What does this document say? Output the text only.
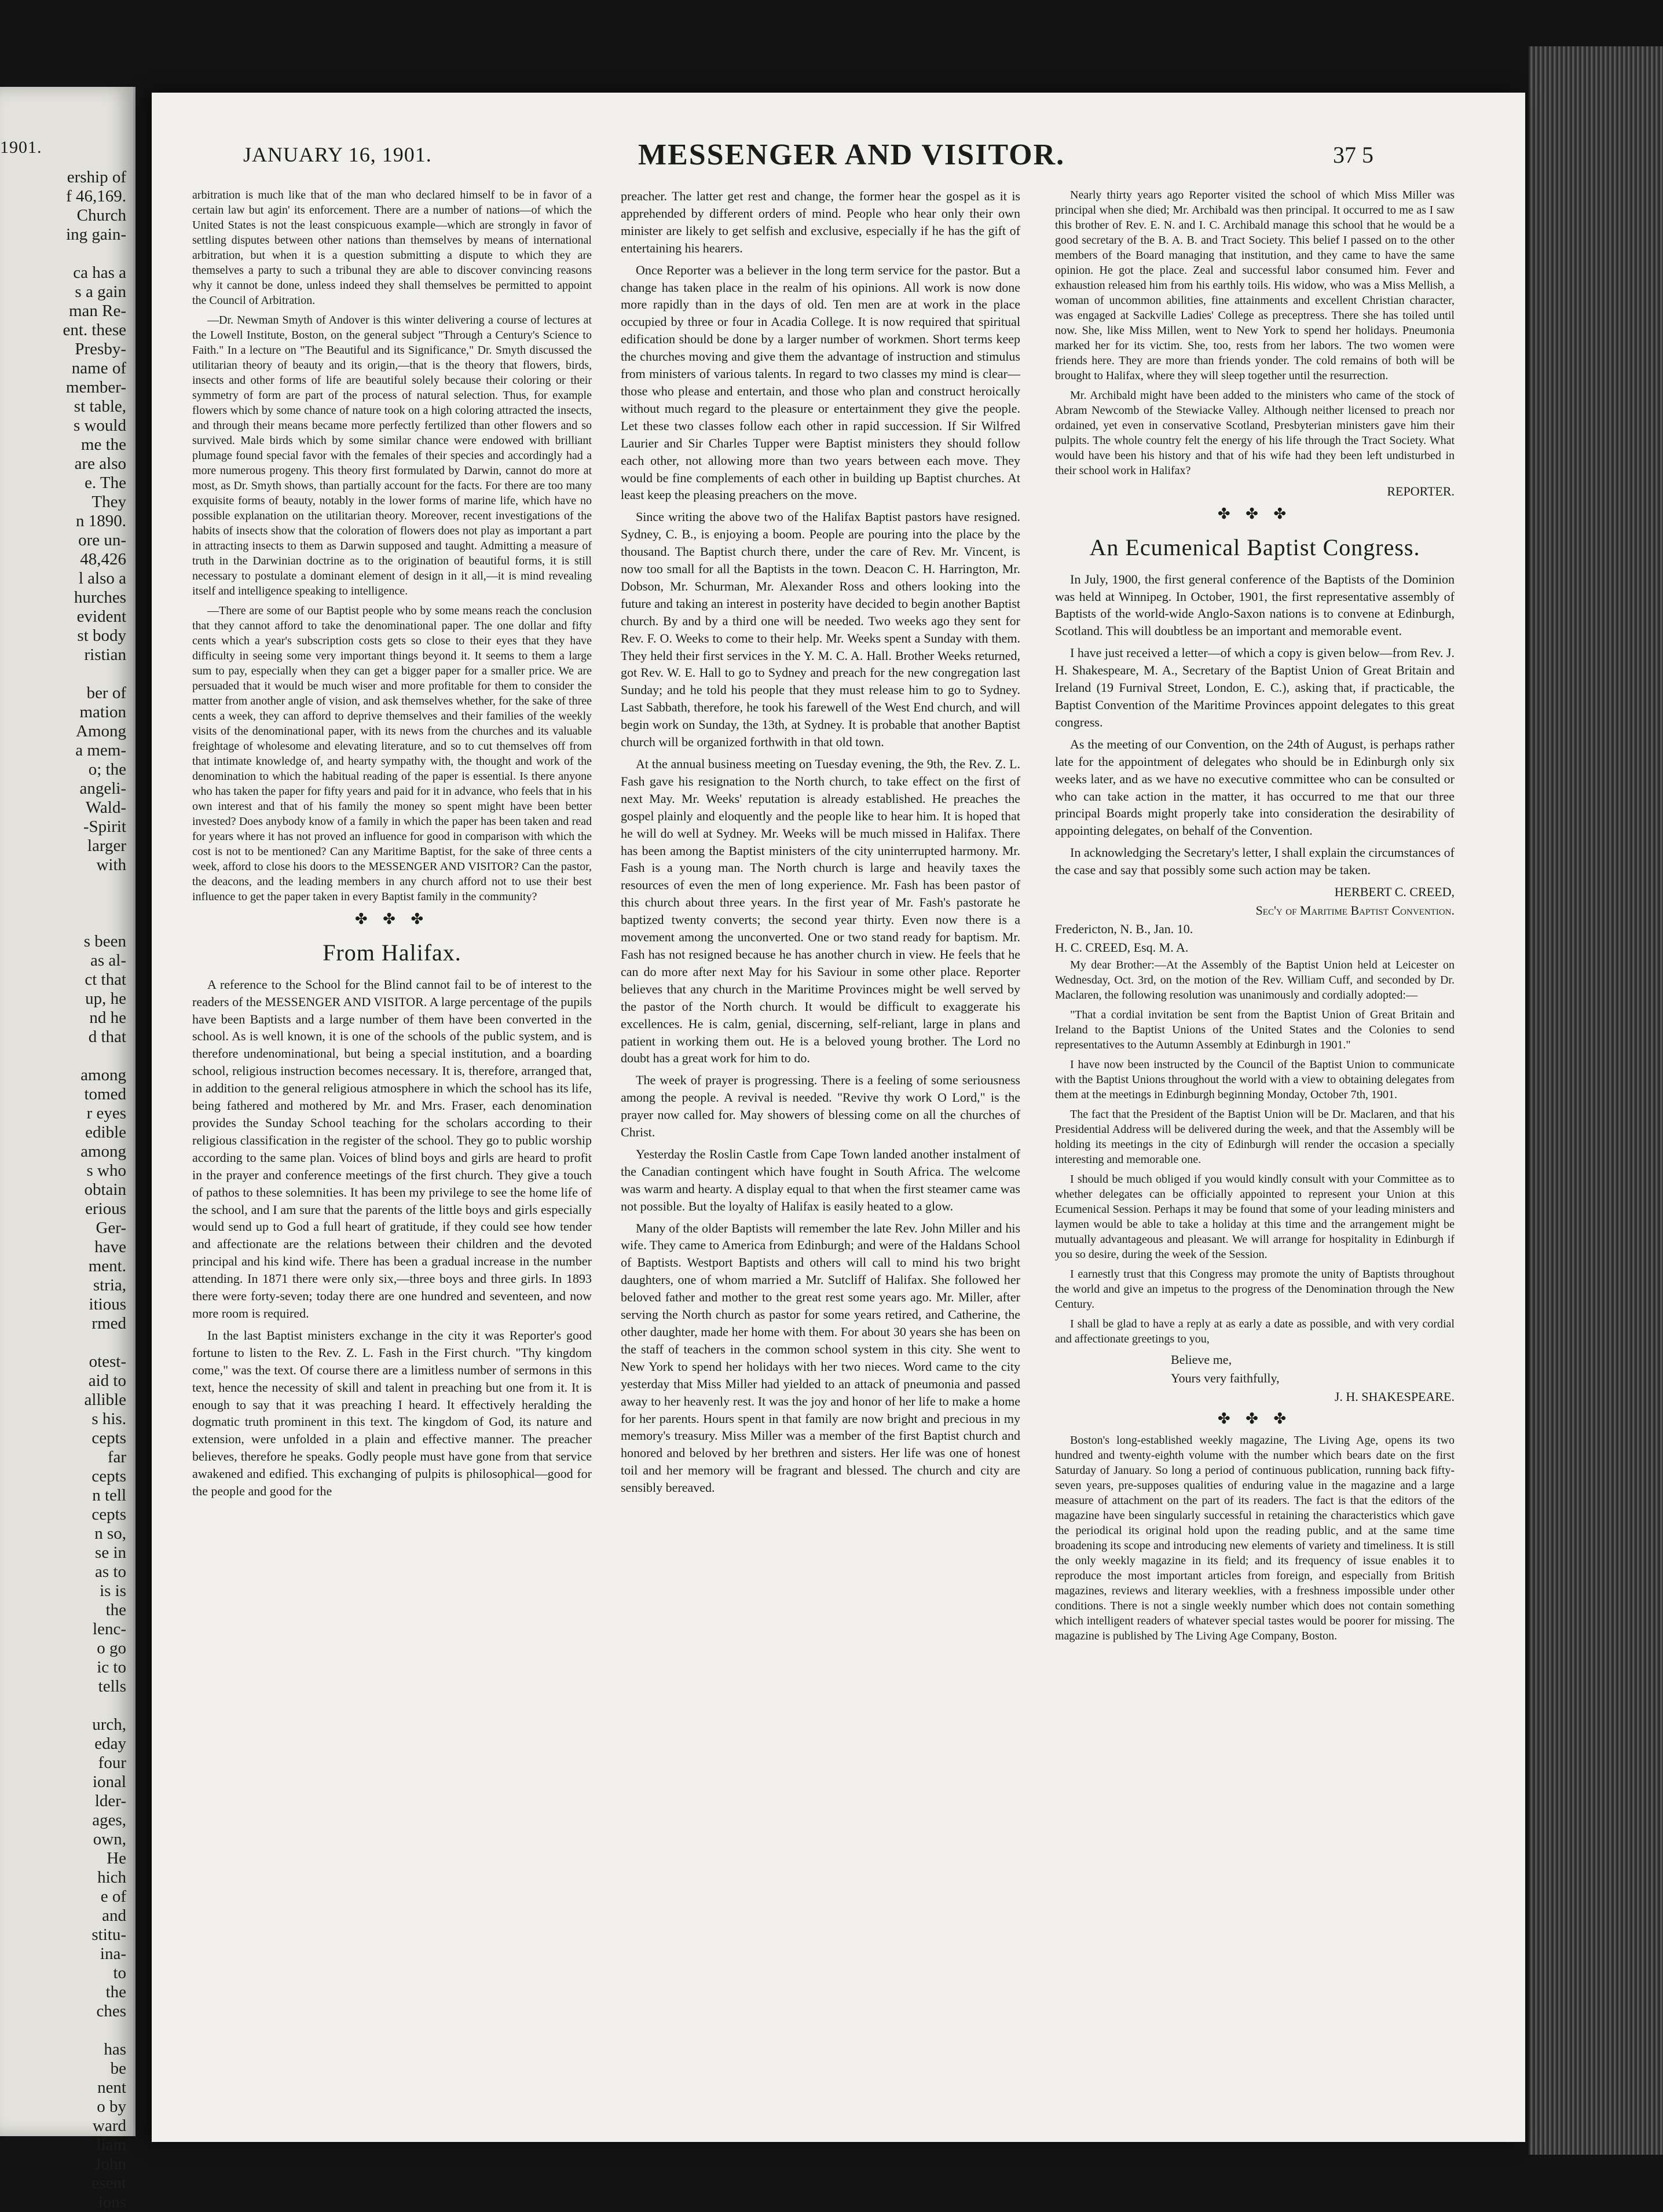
1901.
ership of
f 46,169.
Church
ing gain-
ca has a
s a gain
man Re-
ent. these
Presby-
name of
member-
st table,
s would
me the
are also
e. The
They
n 1890.
ore un-
48,426
l also a
hurches
evident
st body
ristian
ber of
mation
Among
a mem-
o; the
angeli-
Wald-
-Spirit
larger
with
s been
as al-
ct that
up, he
nd he
d that
among
tomed
r eyes
edible
among
s who
obtain
erious
Ger-
have
ment.
stria,
itious
rmed
otest-
aid to
allible
s his.
cepts
far
cepts
n tell
cepts
n so,
se in
as to
is is
the
lenc-
o go
ic to
tells
urch,
eday
four
ional
lder-
ages,
own,
He
hich
e of
and
stitu-
ina-
to
the
ches
has
be
nent
o by
ward
liam
John
esent
ions
JANUARY 16, 1901.	MESSENGER AND VISITOR.	37 5

arbitration is much like that of the man who declared himself to be in favor of a certain law but agin' its enforcement. There are a number of nations—of which the United States is not the least conspicuous example—which are strongly in favor of settling disputes between other nations than themselves by means of international arbitration, but when it is a question submitting a dispute to which they are themselves a party to such a tribunal they are able to discover convincing reasons why it cannot be done, unless indeed they shall themselves be permitted to appoint the Council of Arbitration.

—Dr. Newman Smyth of Andover is this winter delivering a course of lectures at the Lowell Institute, Boston, on the general subject "Through a Century's Science to Faith." In a lecture on "The Beautiful and its Significance," Dr. Smyth discussed the utilitarian theory of beauty and its origin,—that is the theory that flowers, birds, insects and other forms of life are beautiful solely because their coloring or their symmetry of form are part of the process of natural selection. Thus, for example flowers which by some chance of nature took on a high coloring attracted the insects, and through their means became more perfectly fertilized than other flowers and so survived. Male birds which by some similar chance were endowed with brilliant plumage found special favor with the females of their species and accordingly had a more numerous progeny. This theory first formulated by Darwin, cannot do more at most, as Dr. Smyth shows, than partially account for the facts. For there are too many exquisite forms of beauty, notably in the lower forms of marine life, which have no possible explanation on the utilitarian theory. Moreover, recent investigations of the habits of insects show that the coloration of flowers does not play as important a part in attracting insects to them as Darwin supposed and taught. Admitting a measure of truth in the Darwinian doctrine as to the origination of beautiful forms, it is still necessary to postulate a dominant element of design in it all,—it is mind revealing itself and intelligence speaking to intelligence.

—There are some of our Baptist people who by some means reach the conclusion that they cannot afford to take the denominational paper. The one dollar and fifty cents which a year's subscription costs gets so close to their eyes that they have difficulty in seeing some very important things beyond it. It seems to them a large sum to pay, especially when they can get a bigger paper for a smaller price. We are persuaded that it would be much wiser and more profitable for them to consider the matter from another angle of vision, and ask themselves whether, for the sake of three cents a week, they can afford to deprive themselves and their families of the weekly visits of the denominational paper, with its news from the churches and its valuable freightage of wholesome and elevating literature, and so to cut themselves off from that intimate knowledge of, and hearty sympathy with, the thought and work of the denomination to which the habitual reading of the paper is essential. Is there anyone who has taken the paper for fifty years and paid for it in advance, who feels that in his own interest and that of his family the money so spent might have been better invested? Does anybody know of a family in which the paper has been taken and read for years where it has not proved an influence for good in comparison with which the cost is not to be mentioned? Can any Maritime Baptist, for the sake of three cents a week, afford to close his doors to the MESSENGER AND VISITOR? Can the pastor, the deacons, and the leading members in any church afford not to use their best influence to get the paper taken in every Baptist family in the community?

✤ ✤ ✤
From Halifax.

A reference to the School for the Blind cannot fail to be of interest to the readers of the MESSENGER AND VISITOR. A large percentage of the pupils have been Baptists and a large number of them have been converted in the school. As is well known, it is one of the schools of the public system, and is therefore undenominational, but being a special institution, and a boarding school, religious instruction becomes necessary. It is, therefore, arranged that, in addition to the general religious atmosphere in which the school has its life, being fathered and mothered by Mr. and Mrs. Fraser, each denomination provides the Sunday School teaching for the scholars according to their religious classification in the register of the school. They go to public worship according to the same plan. Voices of blind boys and girls are heard to profit in the prayer and conference meetings of the first church. They give a touch of pathos to these solemnities. It has been my privilege to see the home life of the school, and I am sure that the parents of the little boys and girls especially would send up to God a full heart of gratitude, if they could see how tender and affectionate are the relations between their children and the devoted principal and his kind wife. There has been a gradual increase in the number attending. In 1871 there were only six,—three boys and three girls. In 1893 there were forty-seven; today there are one hundred and seventeen, and now more room is required.

In the last Baptist ministers exchange in the city it was Reporter's good fortune to listen to the Rev. Z. L. Fash in the First church. "Thy kingdom come," was the text. Of course there are a limitless number of sermons in this text, hence the necessity of skill and talent in preaching but one from it. It is enough to say that it was preaching I heard. It effectively heralding the dogmatic truth prominent in this text. The kingdom of God, its nature and extension, were unfolded in a plain and effective manner. The preacher believes, therefore he speaks. Godly people must have gone from that service awakened and edified. This exchanging of pulpits is philosophical—good for the people and good for the

preacher. The latter get rest and change, the former hear the gospel as it is apprehended by different orders of mind. People who hear only their own minister are likely to get selfish and exclusive, especially if he has the gift of entertaining his hearers.

Once Reporter was a believer in the long term service for the pastor. But a change has taken place in the realm of his opinions. All work is now done more rapidly than in the days of old. Ten men are at work in the place occupied by three or four in Acadia College. It is now required that spiritual edification should be done by a larger number of workmen. Short terms keep the churches moving and give them the advantage of instruction and stimulus from ministers of various talents. In regard to two classes my mind is clear—those who please and entertain, and those who plan and construct heroically without much regard to the pleasure or entertainment they give the people. Let these two classes follow each other in rapid succession. If Sir Wilfred Laurier and Sir Charles Tupper were Baptist ministers they should follow each other, not allowing more than two years between each move. They would be fine complements of each other in building up Baptist churches. At least keep the pleasing preachers on the move.

Since writing the above two of the Halifax Baptist pastors have resigned. Sydney, C. B., is enjoying a boom. People are pouring into the place by the thousand. The Baptist church there, under the care of Rev. Mr. Vincent, is now too small for all the Baptists in the town. Deacon C. H. Harrington, Mr. Dobson, Mr. Schurman, Mr. Alexander Ross and others looking into the future and taking an interest in posterity have decided to begin another Baptist church. By and by a third one will be needed. Two weeks ago they sent for Rev. F. O. Weeks to come to their help. Mr. Weeks spent a Sunday with them. They held their first services in the Y. M. C. A. Hall. Brother Weeks returned, got Rev. W. E. Hall to go to Sydney and preach for the new congregation last Sunday; and he told his people that they must release him to go to Sydney. Last Sabbath, therefore, he took his farewell of the West End church, and will begin work on Sunday, the 13th, at Sydney. It is probable that another Baptist church will be organized forthwith in that old town.

At the annual business meeting on Tuesday evening, the 9th, the Rev. Z. L. Fash gave his resignation to the North church, to take effect on the first of next May. Mr. Weeks' reputation is already established. He preaches the gospel plainly and eloquently and the people like to hear him. It is hoped that he will do well at Sydney. Mr. Weeks will be much missed in Halifax. There has been among the Baptist ministers of the city uninterrupted harmony. Mr. Fash is a young man. The North church is large and heavily taxes the resources of even the men of long experience. Mr. Fash has been pastor of this church about three years. In the first year of Mr. Fash's pastorate he baptized twenty converts; the second year thirty. Even now there is a movement among the unconverted. One or two stand ready for baptism. Mr. Fash has not resigned because he has another church in view. He feels that he can do more after next May for his Saviour in some other place. Reporter believes that any church in the Maritime Provinces might be well served by the pastor of the North church. It would be difficult to exaggerate his excellences. He is calm, genial, discerning, self-reliant, large in plans and patient in working them out. He is a beloved young brother. The Lord no doubt has a great work for him to do.

The week of prayer is progressing. There is a feeling of some seriousness among the people. A revival is needed. "Revive thy work O Lord," is the prayer now called for. May showers of blessing come on all the churches of Christ.

Yesterday the Roslin Castle from Cape Town landed another instalment of the Canadian contingent which have fought in South Africa. The welcome was warm and hearty. A display equal to that when the first steamer came was not possible. But the loyalty of Halifax is easily heated to a glow.

Many of the older Baptists will remember the late Rev. John Miller and his wife. They came to America from Edinburgh; and were of the Haldans School of Baptists. Westport Baptists and others will call to mind his two bright daughters, one of whom married a Mr. Sutcliff of Halifax. She followed her beloved father and mother to the great rest some years ago. Mr. Miller, after serving the North church as pastor for some years retired, and Catherine, the other daughter, made her home with them. For about 30 years she has been on the staff of teachers in the common school system in this city. She went to New York to spend her holidays with her two nieces. Word came to the city yesterday that Miss Miller had yielded to an attack of pneumonia and passed away to her heavenly rest. It was the joy and honor of her life to make a home for her parents. Hours spent in that family are now bright and precious in my memory's treasury. Miss Miller was a member of the first Baptist church and honored and beloved by her brethren and sisters. Her life was one of honest toil and her memory will be fragrant and blessed. The church and city are sensibly bereaved.

Nearly thirty years ago Reporter visited the school of which Miss Miller was principal when she died; Mr. Archibald was then principal. It occurred to me as I saw this brother of Rev. E. N. and I. C. Archibald manage this school that he would be a good secretary of the B. A. B. and Tract Society. This belief I passed on to the other members of the Board managing that institution, and they came to have the same opinion. He got the place. Zeal and successful labor consumed him. Fever and exhaustion released him from his earthly toils. His widow, who was a Miss Mellish, a woman of uncommon abilities, fine attainments and excellent Christian character, was engaged at Sackville Ladies' College as preceptress. There she has toiled until now. She, like Miss Millen, went to New York to spend her holidays. Pneumonia marked her for its victim. She, too, rests from her labors. The two women were friends here. They are more than friends yonder. The cold remains of both will be brought to Halifax, where they will sleep together until the resurrection.

Mr. Archibald might have been added to the ministers who came of the stock of Abram Newcomb of the Stewiacke Valley. Although neither licensed to preach nor ordained, yet even in conservative Scotland, Presbyterian ministers gave him their pulpits. The whole country felt the energy of his life through the Tract Society. What would have been his history and that of his wife had they been left undisturbed in their school work in Halifax?

REPORTER.

✤ ✤ ✤
An Ecumenical Baptist Congress.

In July, 1900, the first general conference of the Baptists of the Dominion was held at Winnipeg. In October, 1901, the first representative assembly of Baptists of the world-wide Anglo-Saxon nations is to convene at Edinburgh, Scotland. This will doubtless be an important and memorable event.

I have just received a letter—of which a copy is given below—from Rev. J. H. Shakespeare, M. A., Secretary of the Baptist Union of Great Britain and Ireland (19 Furnival Street, London, E. C.), asking that, if practicable, the Baptist Convention of the Maritime Provinces appoint delegates to this great congress.

As the meeting of our Convention, on the 24th of August, is perhaps rather late for the appointment of delegates who should be in Edinburgh only six weeks later, and as we have no executive committee who can be consulted or who can take action in the matter, it has occurred to me that our three principal Boards might properly take into consideration the desirability of appointing delegates, on behalf of the Convention.

In acknowledging the Secretary's letter, I shall explain the circumstances of the case and say that possibly some such action may be taken.

HERBERT C. CREED,

Sec'y of Maritime Baptist Convention.

Fredericton, N. B., Jan. 10.

H. C. CREED, Esq. M. A.

My dear Brother:—At the Assembly of the Baptist Union held at Leicester on Wednesday, Oct. 3rd, on the motion of the Rev. William Cuff, and seconded by Dr. Maclaren, the following resolution was unanimously and cordially adopted:—

"That a cordial invitation be sent from the Baptist Union of Great Britain and Ireland to the Baptist Unions of the United States and the Colonies to send representatives to the Autumn Assembly at Edinburgh in 1901."

I have now been instructed by the Council of the Baptist Union to communicate with the Baptist Unions throughout the world with a view to obtaining delegates from them at the meetings in Edinburgh beginning Monday, October 7th, 1901.

The fact that the President of the Baptist Union will be Dr. Maclaren, and that his Presidential Address will be delivered during the week, and that the Assembly will be holding its meetings in the city of Edinburgh will render the occasion a specially interesting and memorable one.

I should be much obliged if you would kindly consult with your Committee as to whether delegates can be officially appointed to represent your Union at this Ecumenical Session. Perhaps it may be found that some of your leading ministers and laymen would be able to take a holiday at this time and the arrangement might be mutually advantageous and pleasant. We will arrange for hospitality in Edinburgh if you so desire, during the week of the Session.

I earnestly trust that this Congress may promote the unity of Baptists throughout the world and give an impetus to the progress of the Denomination through the New Century.

I shall be glad to have a reply at as early a date as possible, and with very cordial and affectionate greetings to you,

Believe me,

Yours very faithfully,

J. H. SHAKESPEARE.

✤ ✤ ✤

Boston's long-established weekly magazine, The Living Age, opens its two hundred and twenty-eighth volume with the number which bears date on the first Saturday of January. So long a period of continuous publication, running back fifty-seven years, pre-supposes qualities of enduring value in the magazine and a large measure of attachment on the part of its readers. The fact is that the editors of the magazine have been singularly successful in retaining the characteristics which gave the periodical its original hold upon the reading public, and at the same time broadening its scope and introducing new elements of variety and timeliness. It is still the only weekly magazine in its field; and its frequency of issue enables it to reproduce the most important articles from foreign, and especially from British magazines, reviews and literary weeklies, with a freshness impossible under other conditions. There is not a single weekly number which does not contain something which intelligent readers of whatever special tastes would be poorer for missing. The magazine is published by The Living Age Company, Boston.
